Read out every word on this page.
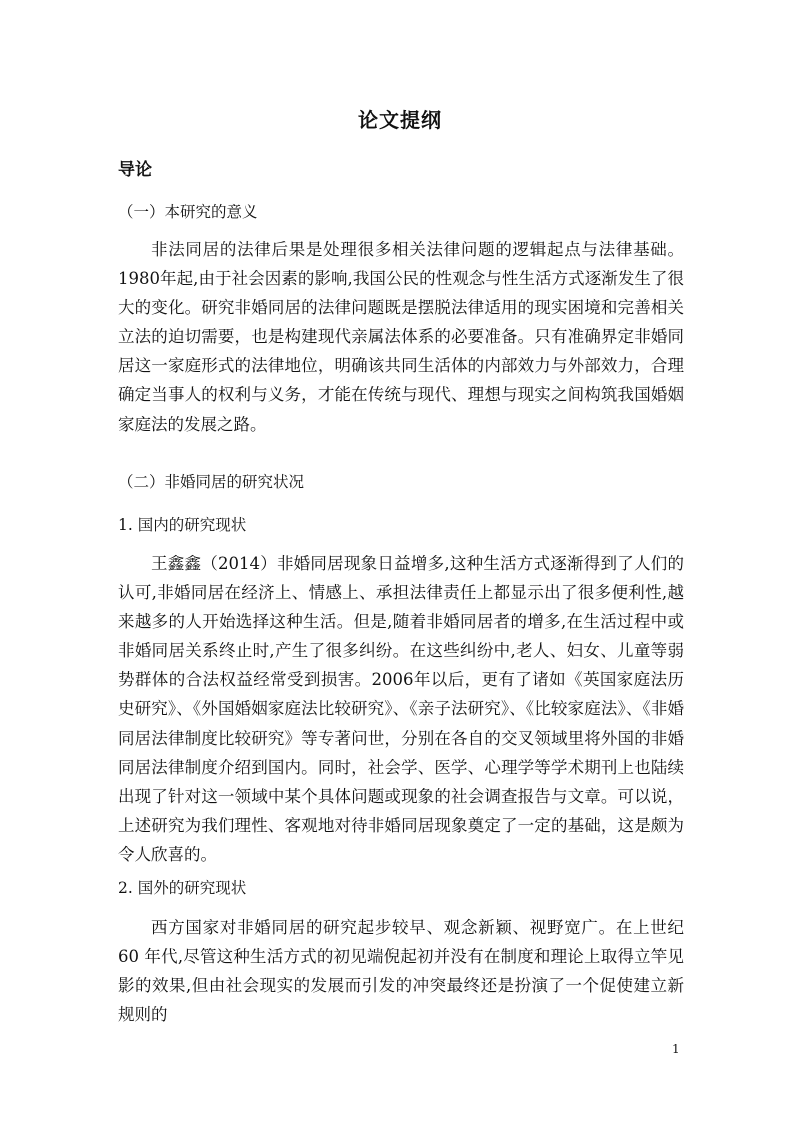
论文提纲
导论
（一）本研究的意义

非法同居的法律后果是处理很多相关法律问题的逻辑起点与法律基础。1980年起,由于社会因素的影响,我国公民的性观念与性生活方式逐渐发生了很大的变化。研究非婚同居的法律问题既是摆脱法律适用的现实困境和完善相关立法的迫切需要，也是构建现代亲属法体系的必要准备。只有准确界定非婚同居这一家庭形式的法律地位，明确该共同生活体的内部效力与外部效力，合理确定当事人的权利与义务，才能在传统与现代、理想与现实之间构筑我国婚姻家庭法的发展之路。

（二）非婚同居的研究状况
1. 国内的研究现状

王鑫鑫（2014）非婚同居现象日益增多,这种生活方式逐渐得到了人们的认可,非婚同居在经济上、情感上、承担法律责任上都显示出了很多便利性,越来越多的人开始选择这种生活。但是,随着非婚同居者的增多,在生活过程中或非婚同居关系终止时,产生了很多纠纷。在这些纠纷中,老人、妇女、儿童等弱势群体的合法权益经常受到损害。2006年以后，更有了诸如《英国家庭法历史研究》、《外国婚姻家庭法比较研究》、《亲子法研究》、《比较家庭法》、《非婚同居法律制度比较研究》等专著问世，分别在各自的交叉领域里将外国的非婚同居法律制度介绍到国内。同时，社会学、医学、心理学等学术期刊上也陆续出现了针对这一领域中某个具体问题或现象的社会调查报告与文章。可以说，上述研究为我们理性、客观地对待非婚同居现象奠定了一定的基础，这是颇为令人欣喜的。

2. 国外的研究现状

西方国家对非婚同居的研究起步较早、观念新颖、视野宽广。在上世纪 60 年代,尽管这种生活方式的初见端倪起初并没有在制度和理论上取得立竿见影的效果,但由社会现实的发展而引发的冲突最终还是扮演了一个促使建立新规则的

1
